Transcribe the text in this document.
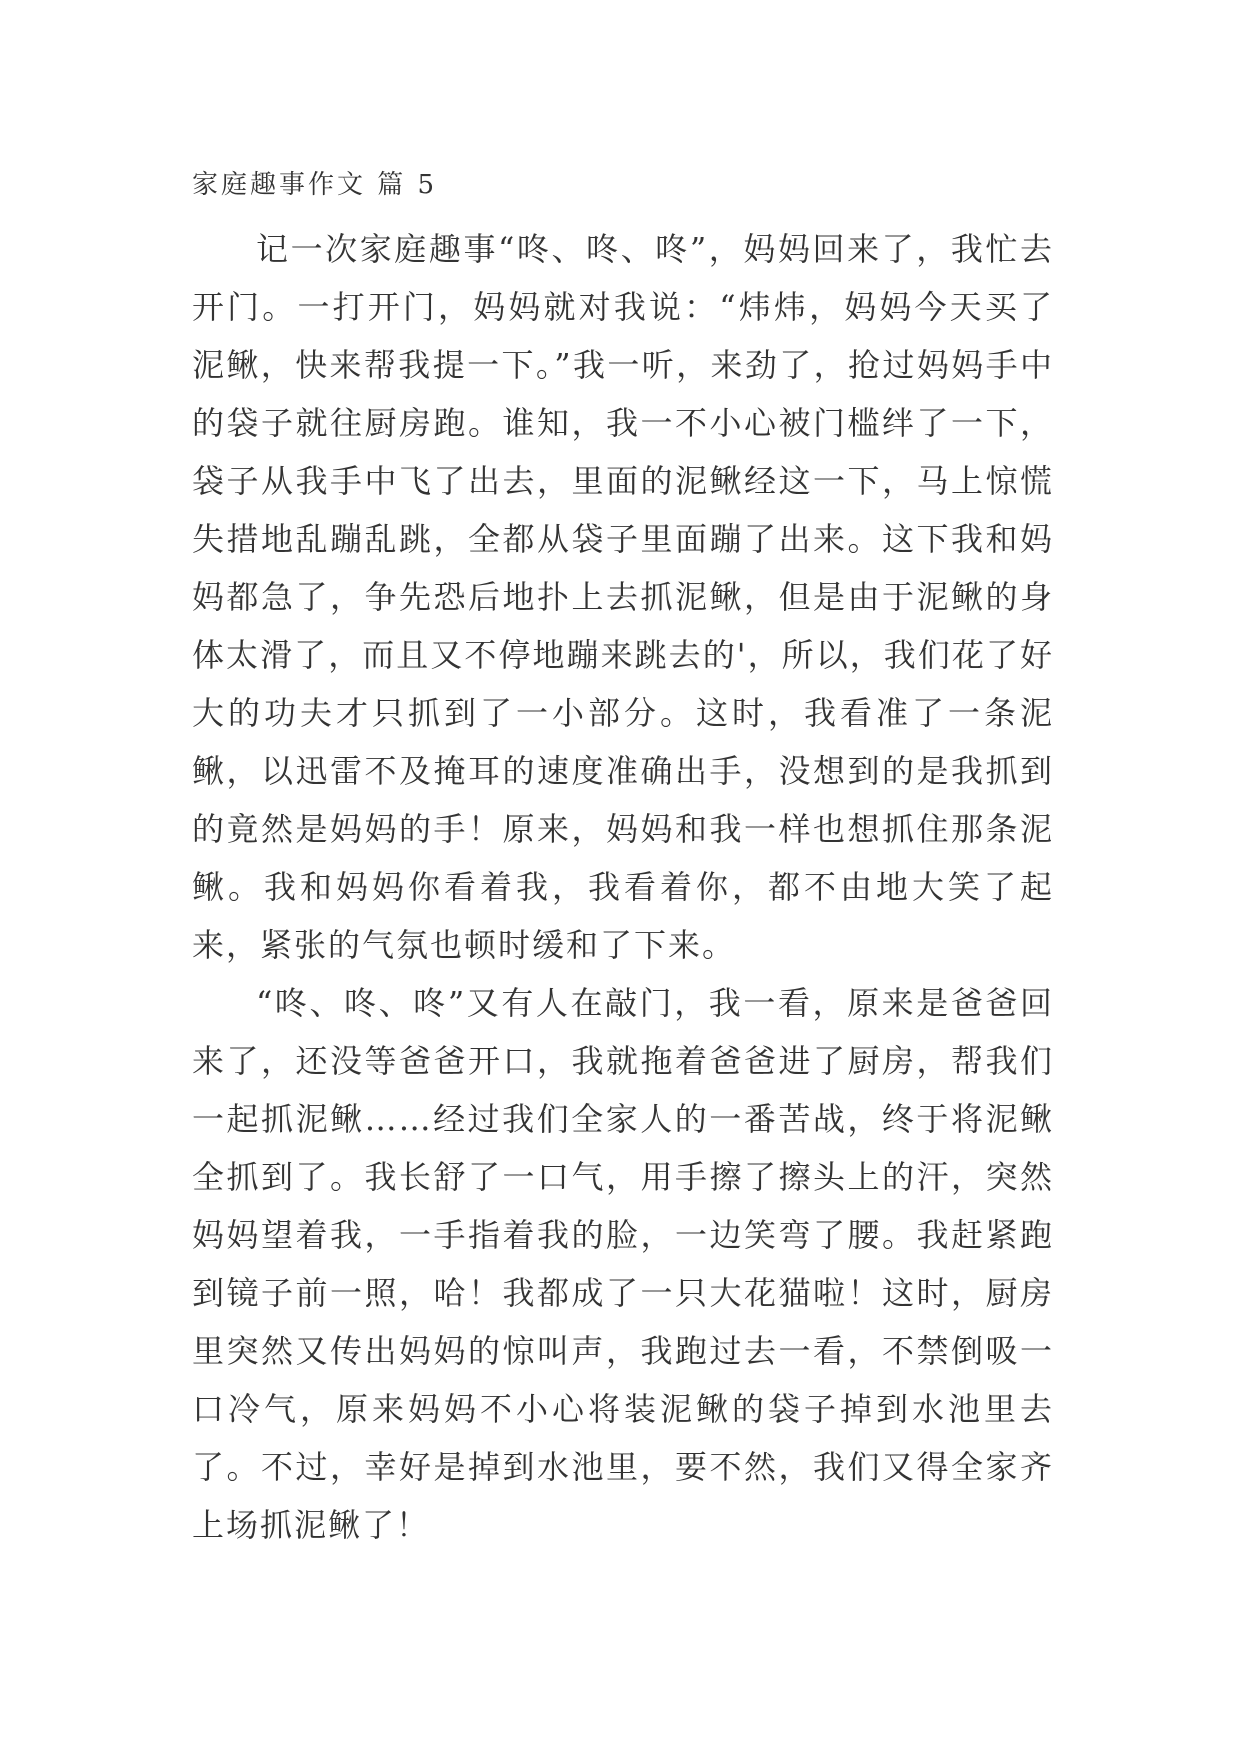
家庭趣事作文 篇 5

记一次家庭趣事“咚、咚、咚”，妈妈回来了，我忙去开门。一打开门，妈妈就对我说：“炜炜，妈妈今天买了泥鳅，快来帮我提一下。”我一听，来劲了，抢过妈妈手中的袋子就往厨房跑。谁知，我一不小心被门槛绊了一下，袋子从我手中飞了出去，里面的泥鳅经这一下，马上惊慌失措地乱蹦乱跳，全都从袋子里面蹦了出来。这下我和妈妈都急了，争先恐后地扑上去抓泥鳅，但是由于泥鳅的身体太滑了，而且又不停地蹦来跳去的'，所以，我们花了好大的功夫才只抓到了一小部分。这时，我看准了一条泥鳅，以迅雷不及掩耳的速度准确出手，没想到的是我抓到的竟然是妈妈的手！原来，妈妈和我一样也想抓住那条泥鳅。我和妈妈你看着我，我看着你，都不由地大笑了起来，紧张的气氛也顿时缓和了下来。

“咚、咚、咚”又有人在敲门，我一看，原来是爸爸回来了，还没等爸爸开口，我就拖着爸爸进了厨房，帮我们一起抓泥鳅……经过我们全家人的一番苦战，终于将泥鳅全抓到了。我长舒了一口气，用手擦了擦头上的汗，突然妈妈望着我，一手指着我的脸，一边笑弯了腰。我赶紧跑到镜子前一照，哈！我都成了一只大花猫啦！这时，厨房里突然又传出妈妈的惊叫声，我跑过去一看，不禁倒吸一口冷气，原来妈妈不小心将装泥鳅的袋子掉到水池里去了。不过，幸好是掉到水池里，要不然，我们又得全家齐上场抓泥鳅了！
